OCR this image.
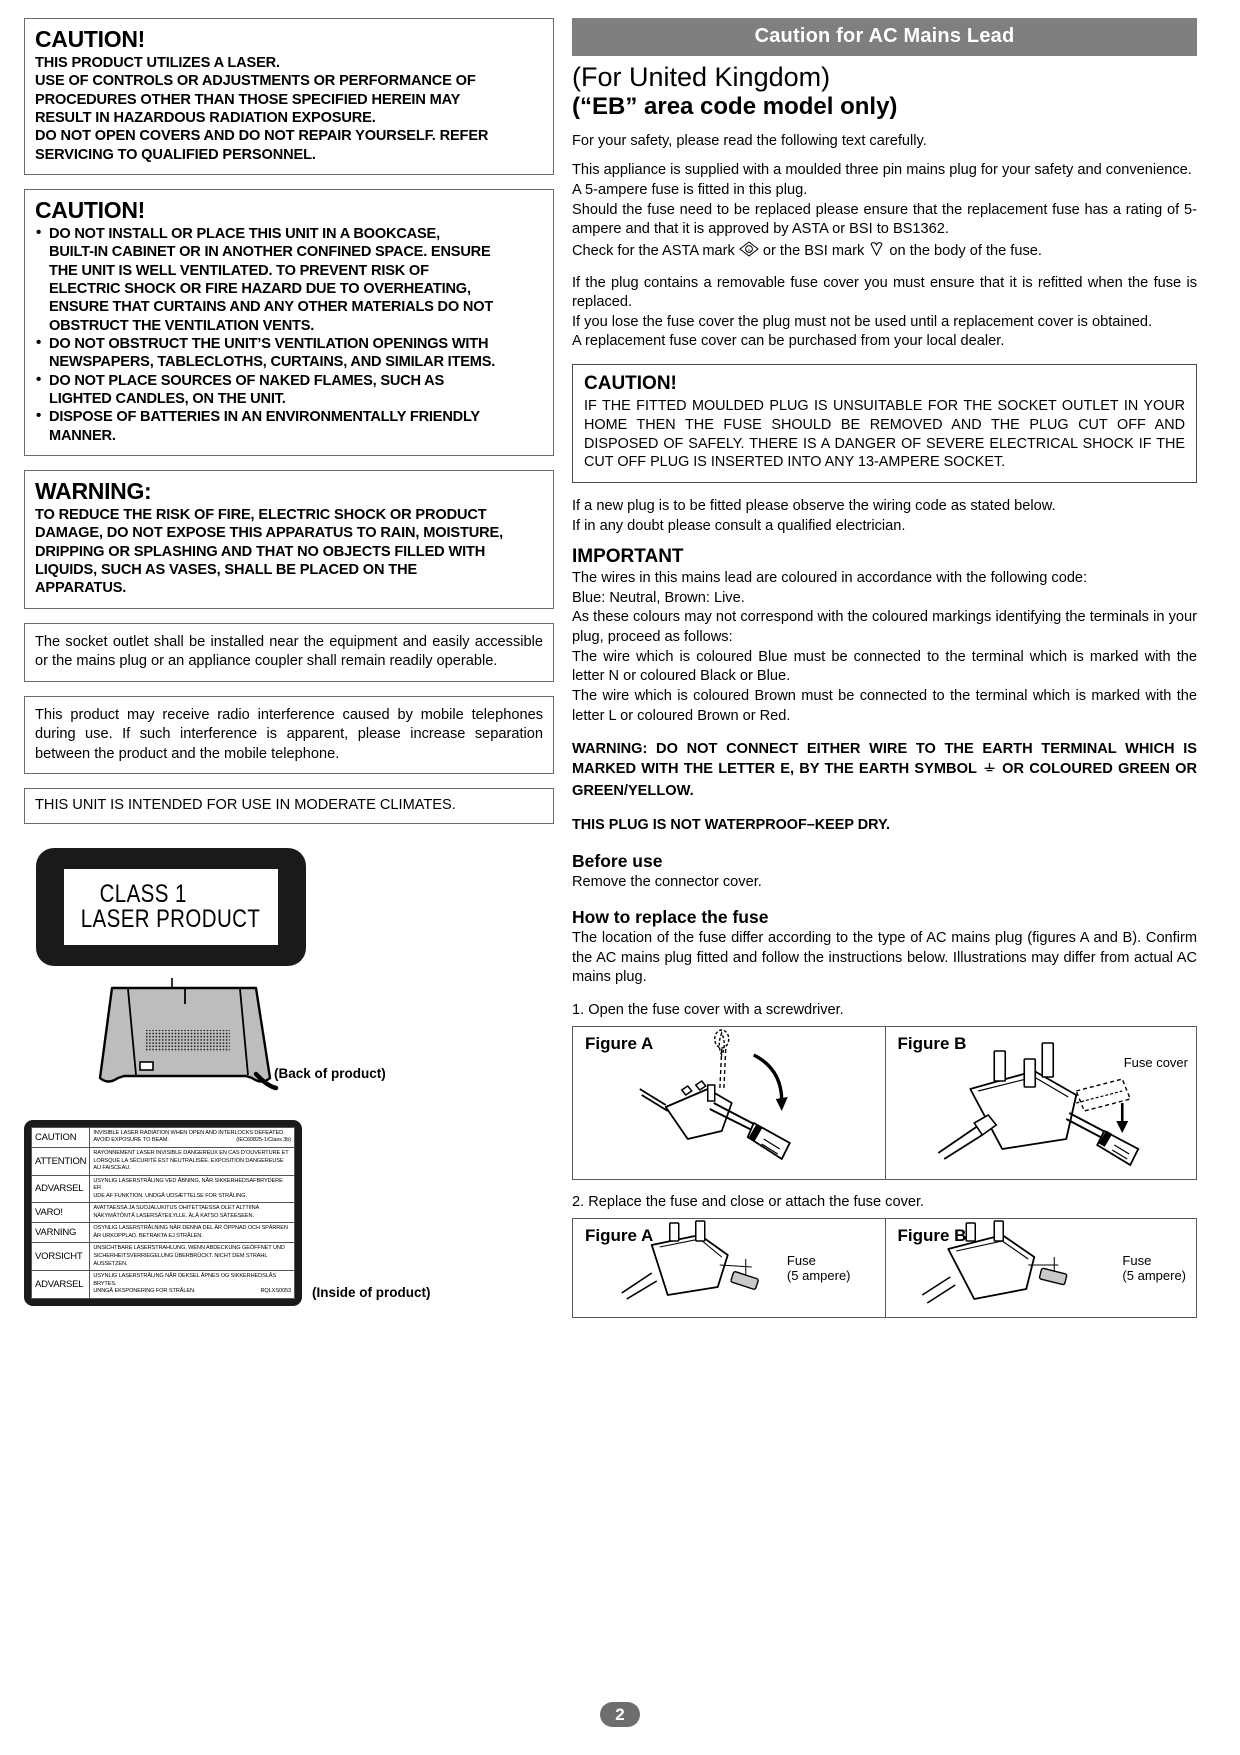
CAUTION!
THIS PRODUCT UTILIZES A LASER.
USE OF CONTROLS OR ADJUSTMENTS OR PERFORMANCE OF
PROCEDURES OTHER THAN THOSE SPECIFIED HEREIN MAY
RESULT IN HAZARDOUS RADIATION EXPOSURE.
DO NOT OPEN COVERS AND DO NOT REPAIR YOURSELF. REFER
SERVICING TO QUALIFIED PERSONNEL.
CAUTION!
• DO NOT INSTALL OR PLACE THIS UNIT IN A BOOKCASE,
BUILT-IN CABINET OR IN ANOTHER CONFINED SPACE. ENSURE
THE UNIT IS WELL VENTILATED. TO PREVENT RISK OF
ELECTRIC SHOCK OR FIRE HAZARD DUE TO OVERHEATING,
ENSURE THAT CURTAINS AND ANY OTHER MATERIALS DO NOT
OBSTRUCT THE VENTILATION VENTS.
• DO NOT OBSTRUCT THE UNIT’S VENTILATION OPENINGS WITH
NEWSPAPERS, TABLECLOTHS, CURTAINS, AND SIMILAR ITEMS.
• DO NOT PLACE SOURCES OF NAKED FLAMES, SUCH AS
LIGHTED CANDLES, ON THE UNIT.
• DISPOSE OF BATTERIES IN AN ENVIRONMENTALLY FRIENDLY
MANNER.
WARNING:
TO REDUCE THE RISK OF FIRE, ELECTRIC SHOCK OR PRODUCT
DAMAGE, DO NOT EXPOSE THIS APPARATUS TO RAIN, MOISTURE,
DRIPPING OR SPLASHING AND THAT NO OBJECTS FILLED WITH
LIQUIDS, SUCH AS VASES, SHALL BE PLACED ON THE
APPARATUS.
The socket outlet shall be installed near the equipment and easily accessible or the mains plug or an appliance coupler shall remain readily operable.
This product may receive radio interference caused by mobile telephones during use. If such interference is apparent, please increase separation between the product and the mobile telephone.
THIS UNIT IS INTENDED FOR USE IN MODERATE CLIMATES.
CLASS 1
LASER PRODUCT
(Back of product)
CAUTION	INVISIBLE LASER RADIATION WHEN OPEN AND INTERLOCKS DEFEATED.
AVOID EXPOSURE TO BEAM. (IEC60825-1/Class 3b)

ATTENTION	RAYONNEMENT LASER INVISIBLE DANGEREUX EN CAS D’OUVERTURE ET
LORSQUE LA SÉCURITÉ EST NEUTRALISÉE. EXPOSITION DANGEREUSE AU FAISCEAU.

ADVARSEL	USYNLIG LASERSTRÅLING VED ÅBNING, NÅR SIKKERHEDSAFBRYDERE ER
UDE AF FUNKTION. UNDGÅ UDSÆTTELSE FOR STRÅLING.

VARO!	AVATTAESSA JA SUOJALUKITUS OHITETTAESSA OLET ALTTIINA
NÄKYMÄTÖNTÄ LASERSÄTEILYLLE. ÄLÄ KATSO SÄTEESEEN.

VARNING	OSYNLIG LASERSTRÅLNING NÄR DENNA DEL ÄR ÖPPNAD OCH SPÄRREN
ÄR URKOPPLAD. BETRAKTA EJ STRÅLEN.

VORSICHT	UNSICHTBARE LASERSTRAHLUNG, WENN ABDECKUNG GEÖFFNET UND
SICHERHEITSVERRIEGELUNG ÜBERBRÜCKT. NICHT DEM STRAHL AUSSETZEN.

ADVARSEL	USYNLIG LASERSTRÅLING NÅR DEKSEL ÅPNES OG SIKKERHEDSLÅS BRYTES.
UNNGÅ EKSPONERING FOR STRÅLEN. RQLXS0053 (Inside of product)
Caution for AC Mains Lead
(For United Kingdom)
(“EB” area code model only)
For your safety, please read the following text carefully.
This appliance is supplied with a moulded three pin mains plug for your safety and convenience.
A 5-ampere fuse is fitted in this plug.
Should the fuse need to be replaced please ensure that the replacement fuse has a rating of 5-ampere and that it is approved by ASTA or BSI to BS1362.
Check for the ASTA mark	A or the BSI mark on the body of the fuse.
If the plug contains a removable fuse cover you must ensure that it is refitted when the fuse is replaced.
If you lose the fuse cover the plug must not be used until a replacement cover is obtained.
A replacement fuse cover can be purchased from your local dealer.
CAUTION!
IF THE FITTED MOULDED PLUG IS UNSUITABLE FOR THE SOCKET OUTLET IN YOUR HOME THEN THE FUSE SHOULD BE REMOVED AND THE PLUG CUT OFF AND DISPOSED OF SAFELY. THERE IS A DANGER OF SEVERE ELECTRICAL SHOCK IF THE CUT OFF PLUG IS INSERTED INTO ANY 13-AMPERE SOCKET.
If a new plug is to be fitted please observe the wiring code as stated below.
If in any doubt please consult a qualified electrician.
IMPORTANT
The wires in this mains lead are coloured in accordance with the following code:
Blue: Neutral, Brown: Live.
As these colours may not correspond with the coloured markings identifying the terminals in your plug, proceed as follows:
The wire which is coloured Blue must be connected to the terminal which is marked with the letter N or coloured Black or Blue.
The wire which is coloured Brown must be connected to the terminal which is marked with the letter L or coloured Brown or Red.
WARNING: DO NOT CONNECT EITHER WIRE TO THE EARTH TERMINAL WHICH IS MARKED WITH THE LETTER E, BY THE EARTH SYMBOL OR COLOURED GREEN OR GREEN/YELLOW.
THIS PLUG IS NOT WATERPROOF–KEEP DRY.
Before use
Remove the connector cover.
How to replace the fuse
The location of the fuse differ according to the type of AC mains plug (figures A and B). Confirm the AC mains plug fitted and follow the instructions below. Illustrations may differ from actual AC mains plug.
1. Open the fuse cover with a screwdriver.
Figure A	Figure B
Fuse cover
2. Replace the fuse and close or attach the fuse cover.
Figure A
Fuse
(5 ampere)
Figure B
Fuse
(5 ampere)
2
